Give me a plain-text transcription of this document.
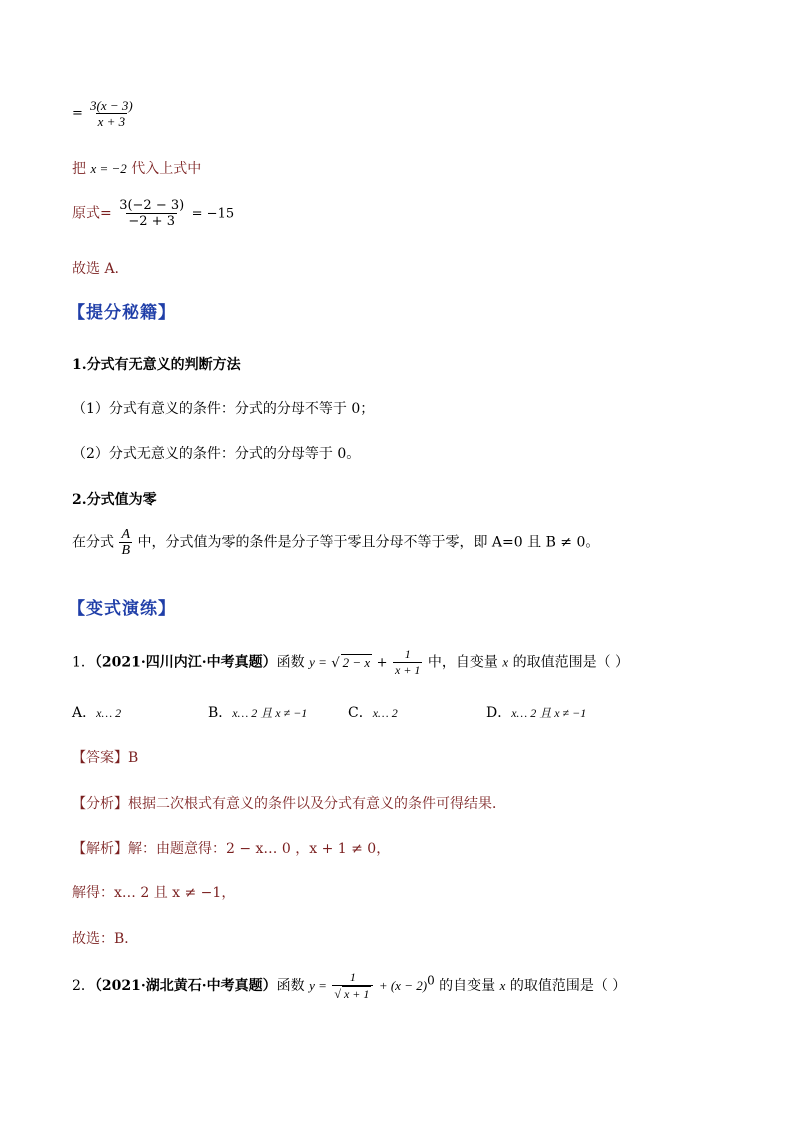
= $\frac{3(x - 3)}{x + 3}$
把 x = −2 代入上式中
原式= $\frac{3(-2 - 3)}{-2 + 3} = -15$
故选 A.
【提分秘籍】
1.分式有无意义的判断方法
（1）分式有意义的条件：分式的分母不等于 0；
（2）分式无意义的条件：分式的分母等于 0。
2.分式值为零
在分式 $\frac{A}{B}$ 中，分式值为零的条件是分子等于零且分母不等于零，即 A=0 且 B ≠ 0。
【变式演练】
1．（2021·四川内江·中考真题）函数 y = √ $2 - x + \frac{1}{x + 1}$ 中，自变量 x 的取值范围是（ ）
A．x… 2	B．x… 2 且 x ≠ −1	C．x… 2	D．x… 2 且 x ≠ −1
【答案】B
【分析】根据二次根式有意义的条件以及分式有意义的条件可得结果．
【解析】解：由题意得：2 − x… 0 ，x + 1 ≠ 0，
解得：x… 2 且 x ≠ −1，
故选：B．
2．（2021·湖北黄石·中考真题）函数 $y = \frac{1}{√ x + 1} + (x - 2)^0$ 的自变量 x 的取值范围是（ ）
